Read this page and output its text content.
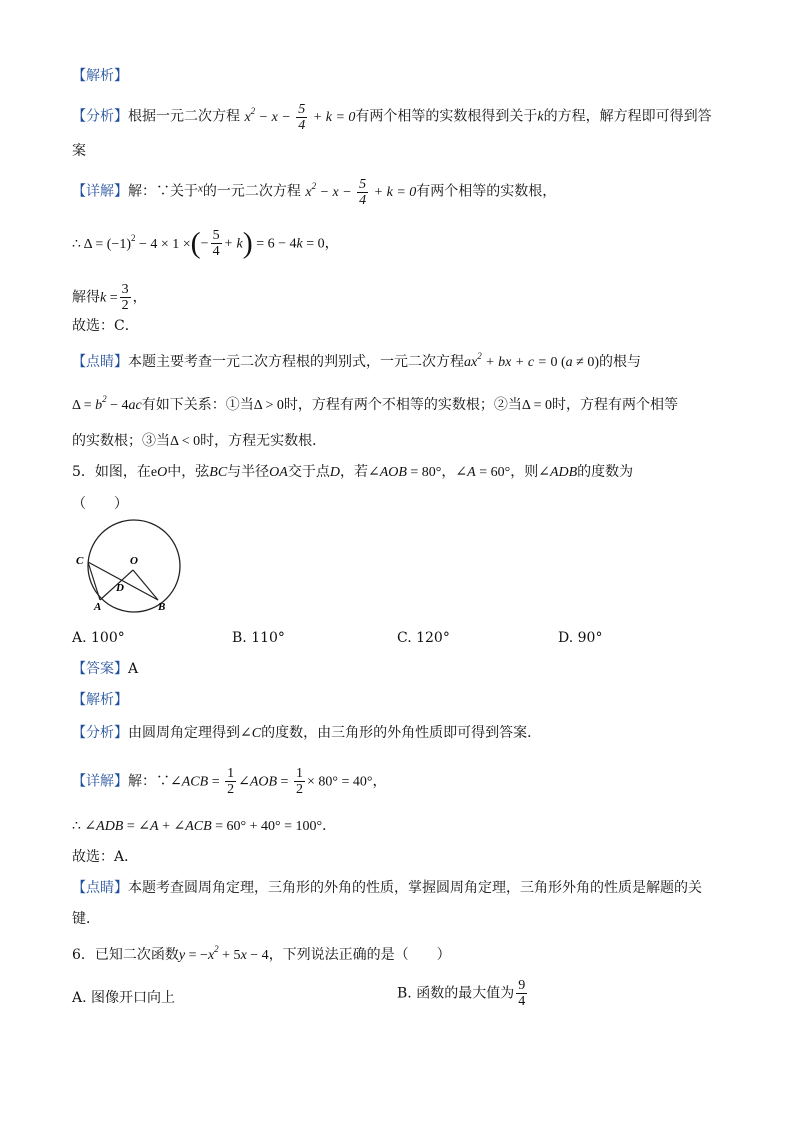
【解析】
【分析】根据一元二次方程 $x^2 - x - \frac{5}{4} + k = 0$有两个相等的实数根得到关于k的方程，解方程即可得到答
案
【详解】解：∵关于$^x$的一元二次方程 $x^2 - x - \frac{5}{4} + k = 0$有两个相等的实数根，
∴ $\Delta = (-1)^2 - 4 \times 1$ ×(− $\frac{5}{4} + k) = 6 - 4k = 0$，
解得$k = \frac{3}{2}$ ，
故选：C．
【点睛】本题主要考查一元二次方程根的判别式，一元二次方程$ax^2$ + bx + c = 0 (a ≠ 0)的根与
$\Delta = b^2 - 4ac$有如下关系：①当Δ > 0时，方程有两个不相等的实数根；②当Δ = 0时，方程有两个相等
的实数根；③当Δ < 0时，方程无实数根．
5．如图，在eO中，弦BC与半径OA交于点D，若∠AOB = 80°，∠A = 60°，则∠ADB的度数为
（　　）
C	O
D
A	B
A. 100°	B. 110°	C. 120°	D. 90°
【答案】A
【解析】
【分析】由圆周角定理得到∠C的度数，由三角形的外角性质即可得到答案．
【详解】解：∵∠ACB = $\frac{1}{2}$ ∠AOB = $\frac{1}{2} \times 80^\circ = 40^\circ$，
∴ ∠ADB = ∠A + ∠ACB = 60° + 40° = 100°．
故选：A．
【点睛】本题考查圆周角定理，三角形的外角的性质，掌握圆周角定理，三角形外角的性质是解题的关
键．
6．已知二次函数$y = -x^2 + 5x - 4$，下列说法正确的是（　　）
A. 图像开口向上	B. 函数的最大值为 $\frac{9}{4}$
